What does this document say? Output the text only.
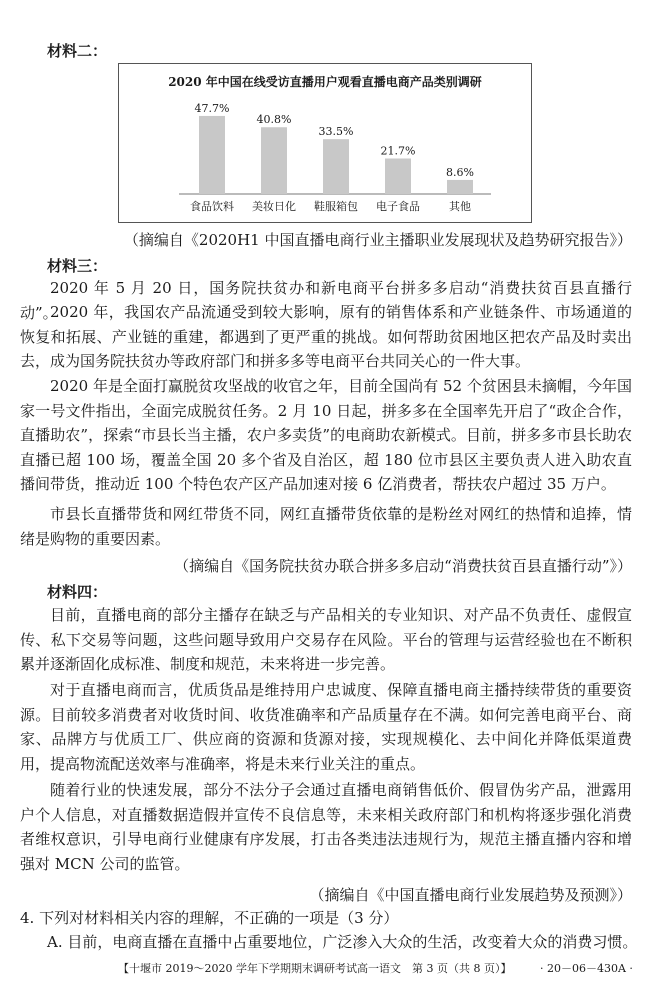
材料二：
2020 年中国在线受访直播用户观看直播电商产品类别调研
47.7%
食品饮料
40.8%
美妆日化
33.5%
鞋服箱包
21.7%
电子食品
8.6%
其他
（摘编自《2020H1 中国直播电商行业主播职业发展现状及趋势研究报告》）
材料三：
2020 年 5 月 20 日，国务院扶贫办和新电商平台拼多多启动“消费扶贫百县直播行动”。
2020 年，我国农产品流通受到较大影响，原有的销售体系和产业链条件、市场通道的恢复和拓展、产业链的重建，都遇到了更严重的挑战。如何帮助贫困地区把农产品及时卖出去，成为国务院扶贫办等政府部门和拼多多等电商平台共同关心的一件大事。
2020 年是全面打赢脱贫攻坚战的收官之年，目前全国尚有 52 个贫困县未摘帽，今年国家一号文件指出，全面完成脱贫任务。2 月 10 日起，拼多多在全国率先开启了“政企合作，直播助农”，探索“市县长当主播，农户多卖货”的电商助农新模式。目前，拼多多市县长助农直播已超 100 场，覆盖全国 20 多个省及自治区，超 180 位市县区主要负责人进入助农直播间带货，推动近 100 个特色农产区产品加速对接 6 亿消费者，帮扶农户超过 35 万户。
市县长直播带货和网红带货不同，网红直播带货依靠的是粉丝对网红的热情和追捧，情绪是购物的重要因素。
（摘编自《国务院扶贫办联合拼多多启动“消费扶贫百县直播行动”》）
材料四：
目前，直播电商的部分主播存在缺乏与产品相关的专业知识、对产品不负责任、虚假宣传、私下交易等问题，这些问题导致用户交易存在风险。平台的管理与运营经验也在不断积累并逐渐固化成标准、制度和规范，未来将进一步完善。
对于直播电商而言，优质货品是维持用户忠诚度、保障直播电商主播持续带货的重要资源。目前较多消费者对收货时间、收货准确率和产品质量存在不满。如何完善电商平台、商家、品牌方与优质工厂、供应商的资源和货源对接，实现规模化、去中间化并降低渠道费用，提高物流配送效率与准确率，将是未来行业关注的重点。
随着行业的快速发展，部分不法分子会通过直播电商销售低价、假冒伪劣产品，泄露用户个人信息，对直播数据造假并宣传不良信息等，未来相关政府部门和机构将逐步强化消费者维权意识，引导电商行业健康有序发展，打击各类违法违规行为，规范主播直播内容和增强对 MCN 公司的监管。
（摘编自《中国直播电商行业发展趋势及预测》）
4. 下列对材料相关内容的理解，不正确的一项是（3 分）
A. 目前，电商直播在直播中占重要地位，广泛渗入大众的生活，改变着大众的消费习惯。
【十堰市 2019～2020 学年下学期期末调研考试高一语文　第 3 页（共 8 页）】	· 20－06－430A ·
